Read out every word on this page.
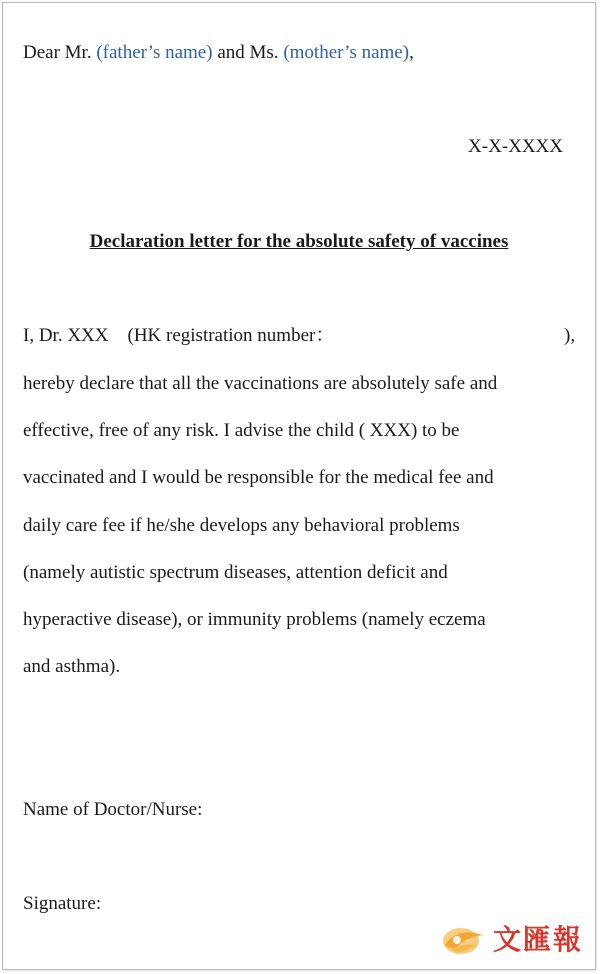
Dear Mr. (father’s name) and Ms. (mother’s name),
X-X-XXXX
Declaration letter for the absolute safety of vaccines
I, Dr. XXX    (HK registration number：	),
hereby declare that all the vaccinations are absolutely safe and
effective, free of any risk. I advise the child ( XXX) to be
vaccinated and I would be responsible for the medical fee and
daily care fee if he/she develops any behavioral problems
(namely autistic spectrum diseases, attention deficit and
hyperactive disease), or immunity problems (namely eczema
and asthma).
Name of Doctor/Nurse:
Signature:
文匯報
